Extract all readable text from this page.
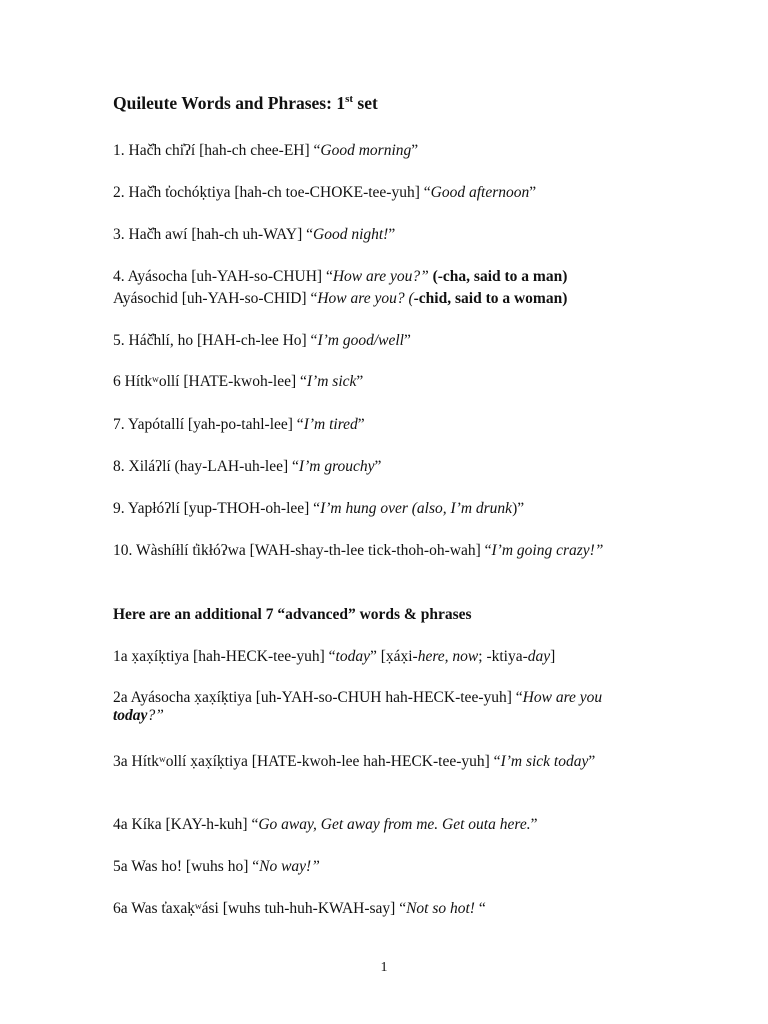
Quileute Words and Phrases: 1st set
1. Hač̓h chi̓ʔí [hah-ch chee-EH] “Good morning”
2. Hač̓h t̓ochóḳtiya [hah-ch toe-CHOKE-tee-yuh] “Good afternoon”
3. Hač̓h awí [hah-ch uh-WAY] “Good night!”
4. Ayásocha [uh-YAH-so-CHUH] “How are you?” (-cha, said to a man)
Ayásochid [uh-YAH-so-CHID] “How are you? (-chid, said to a woman)
5. Háč̓hlí, ho [HAH-ch-lee Ho] “I’m good/well”
6 Hítkʷollí [HATE-kwoh-lee] “I’m sick”
7. Yapótallí [yah-po-tahl-lee] “I’m tired”
8. Xiláʔlí (hay-LAH-uh-lee] “I’m grouchy”
9. Yapłóʔlí [yup-THOH-oh-lee] “I’m hung over (also, I’m drunk)”
10. Wàshíłlí t̓ikłóʔwa [WAH-shay-th-lee tick-thoh-oh-wah] “I’m going crazy!”
Here are an additional 7 “advanced” words & phrases
1a x̣ax̣íḳtiya [hah-HECK-tee-yuh] “today” [x̣áx̣i-here, now; -ktiya-day]
2a Ayásocha x̣ax̣íḳtiya [uh-YAH-so-CHUH hah-HECK-tee-yuh] “How are you today?”
3a Hítkʷollí x̣ax̣íḳtiya [HATE-kwoh-lee hah-HECK-tee-yuh] “I’m sick today”
4a Kíka [KAY-h-kuh] “Go away, Get away from me. Get outa here.”
5a Was ho! [wuhs ho] “No way!”
6a Was t̓axaḳʷási [wuhs tuh-huh-KWAH-say] “Not so hot! “
1
